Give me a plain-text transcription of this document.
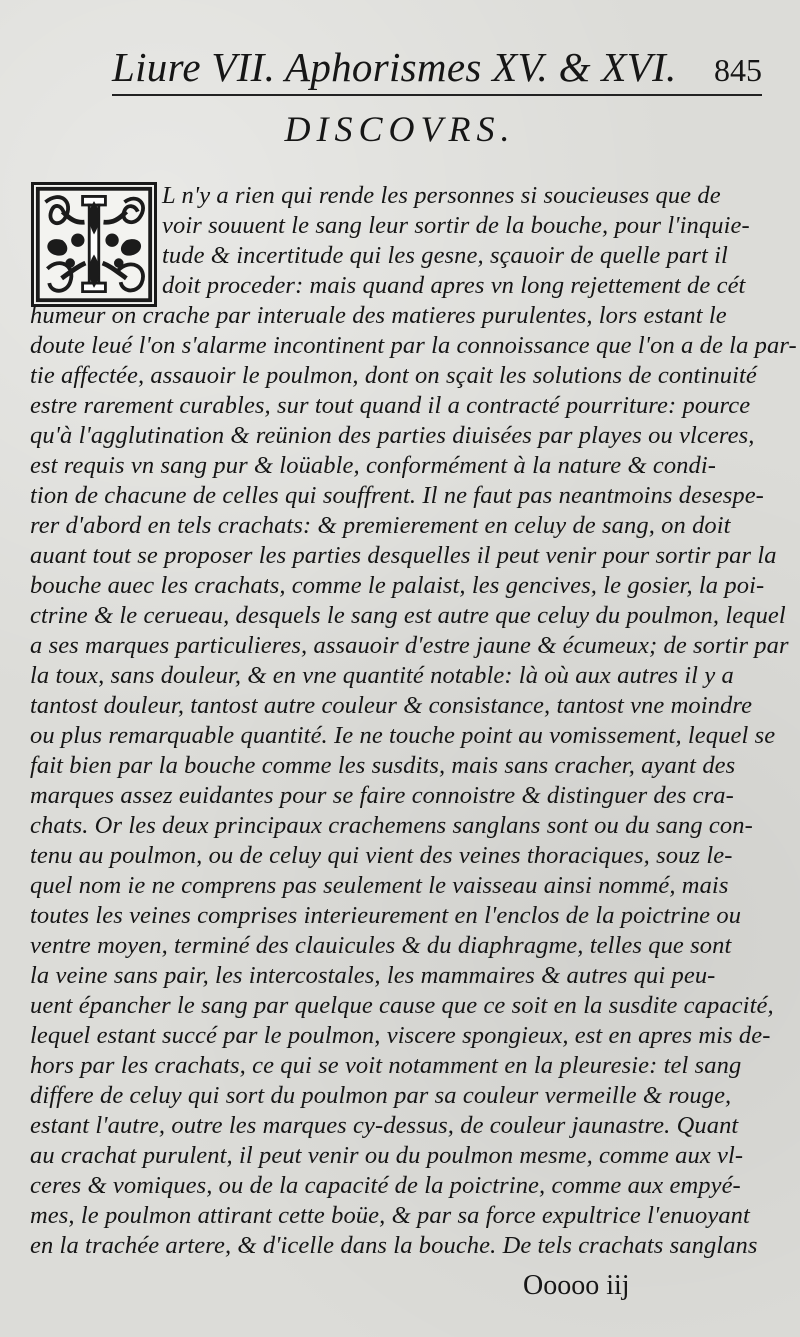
Liure VII. Aphorismes XV. & XVI. 845
DISCOVRS.
L n'y a rien qui rende les personnes si soucieuses que de
voir souuent le sang leur sortir de la bouche, pour l'inquie-
tude & incertitude qui les gesne, sçauoir de quelle part il
doit proceder: mais quand apres vn long rejettement de cét
humeur on crache par interuale des matieres purulentes, lors estant le
doute leué l'on s'alarme incontinent par la connoissance que l'on a de la par-
tie affectée, assauoir le poulmon, dont on sçait les solutions de continuité
estre rarement curables, sur tout quand il a contracté pourriture: pource
qu'à l'agglutination & reünion des parties diuisées par playes ou vlceres,
est requis vn sang pur & loüable, conformément à la nature & condi-
tion de chacune de celles qui souffrent. Il ne faut pas neantmoins desespe-
rer d'abord en tels crachats: & premierement en celuy de sang, on doit
auant tout se proposer les parties desquelles il peut venir pour sortir par la
bouche auec les crachats, comme le palaist, les gencives, le gosier, la poi-
ctrine & le cerueau, desquels le sang est autre que celuy du poulmon, lequel
a ses marques particulieres, assauoir d'estre jaune & écumeux; de sortir par
la toux, sans douleur, & en vne quantité notable: là où aux autres il y a
tantost douleur, tantost autre couleur & consistance, tantost vne moindre
ou plus remarquable quantité. Ie ne touche point au vomissement, lequel se
fait bien par la bouche comme les susdits, mais sans cracher, ayant des
marques assez euidantes pour se faire connoistre & distinguer des cra-
chats. Or les deux principaux crachemens sanglans sont ou du sang con-
tenu au poulmon, ou de celuy qui vient des veines thoraciques, souz le-
quel nom ie ne comprens pas seulement le vaisseau ainsi nommé, mais
toutes les veines comprises interieurement en l'enclos de la poictrine ou
ventre moyen, terminé des clauicules & du diaphragme, telles que sont
la veine sans pair, les intercostales, les mammaires & autres qui peu-
uent épancher le sang par quelque cause que ce soit en la susdite capacité,
lequel estant succé par le poulmon, viscere spongieux, est en apres mis de-
hors par les crachats, ce qui se voit notamment en la pleuresie: tel sang
differe de celuy qui sort du poulmon par sa couleur vermeille & rouge,
estant l'autre, outre les marques cy-dessus, de couleur jaunastre. Quant
au crachat purulent, il peut venir ou du poulmon mesme, comme aux vl-
ceres & vomiques, ou de la capacité de la poictrine, comme aux empyé-
mes, le poulmon attirant cette boüe, & par sa force expultrice l'enuoyant
en la trachée artere, & d'icelle dans la bouche. De tels crachats sanglans
Ooooo iij
